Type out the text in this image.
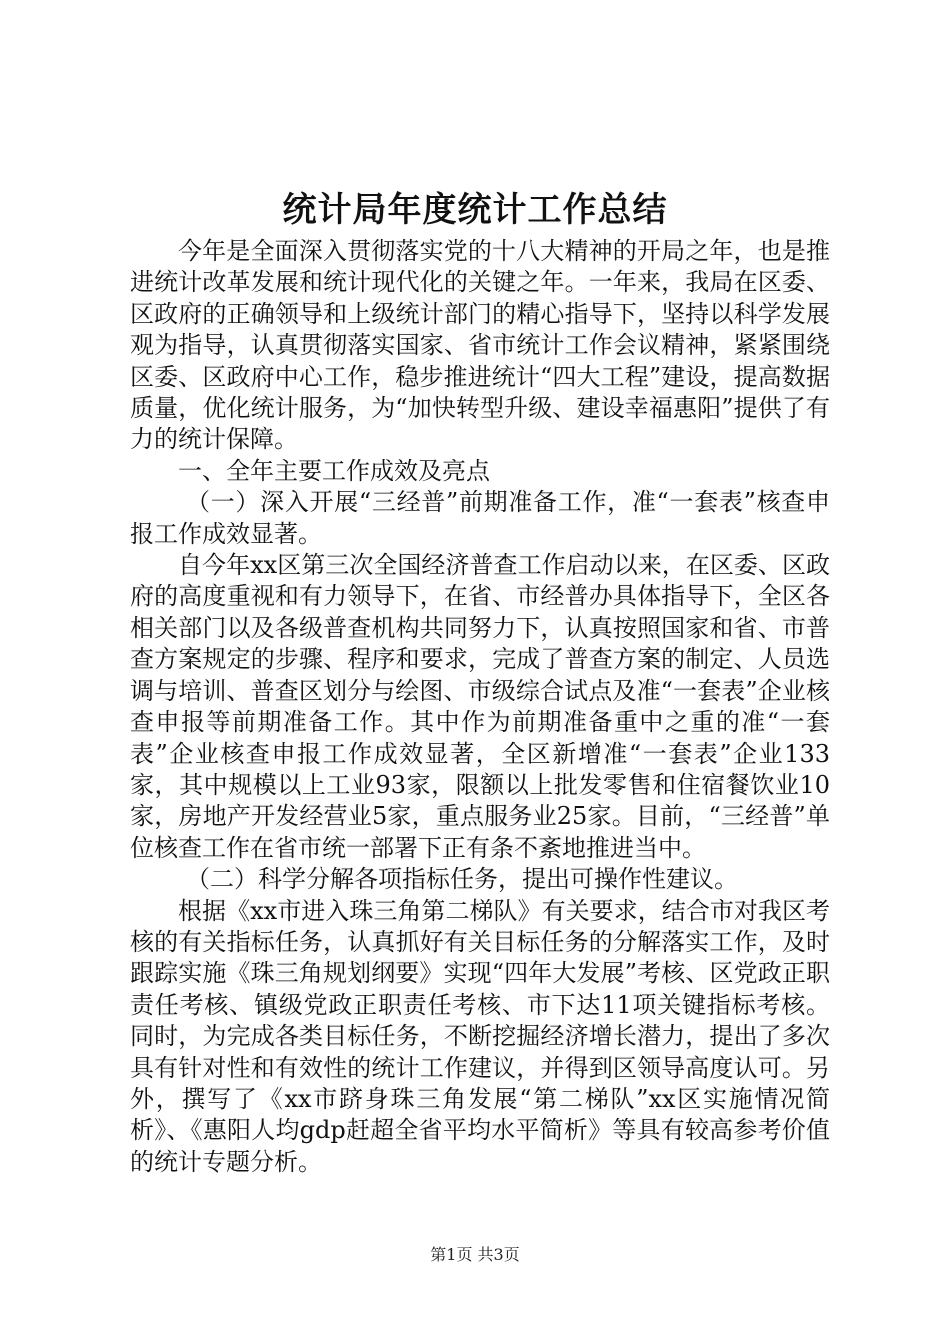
统计局年度统计工作总结

今年是全面深入贯彻落实党的十八大精神的开局之年，也是推进统计改革发展和统计现代化的关键之年。一年来，我局在区委、区政府的正确领导和上级统计部门的精心指导下，坚持以科学发展观为指导，认真贯彻落实国家、省市统计工作会议精神，紧紧围绕区委、区政府中心工作，稳步推进统计“四大工程”建设，提高数据质量，优化统计服务，为“加快转型升级、建设幸福惠阳”提供了有力的统计保障。

一、全年主要工作成效及亮点

（一）深入开展“三经普”前期准备工作，准“一套表”核查申报工作成效显著。

自今年xx区第三次全国经济普查工作启动以来，在区委、区政府的高度重视和有力领导下，在省、市经普办具体指导下，全区各相关部门以及各级普查机构共同努力下，认真按照国家和省、市普查方案规定的步骤、程序和要求，完成了普查方案的制定、人员选调与培训、普查区划分与绘图、市级综合试点及准“一套表”企业核查申报等前期准备工作。其中作为前期准备重中之重的准“一套表”企业核查申报工作成效显著，全区新增准“一套表”企业133家，其中规模以上工业93家，限额以上批发零售和住宿餐饮业10家，房地产开发经营业5家，重点服务业25家。目前，“三经普”单位核查工作在省市统一部署下正有条不紊地推进当中。

（二）科学分解各项指标任务，提出可操作性建议。

根据《xx市进入珠三角第二梯队》有关要求，结合市对我区考核的有关指标任务，认真抓好有关目标任务的分解落实工作，及时跟踪实施《珠三角规划纲要》实现“四年大发展”考核、区党政正职责任考核、镇级党政正职责任考核、市下达11项关键指标考核。同时，为完成各类目标任务，不断挖掘经济增长潜力，提出了多次具有针对性和有效性的统计工作建议，并得到区领导高度认可。另外，撰写了《xx市跻身珠三角发展“第二梯队”xx区实施情况简析》、《惠阳人均gdp赶超全省平均水平简析》等具有较高参考价值的统计专题分析。

第1页 共3页
